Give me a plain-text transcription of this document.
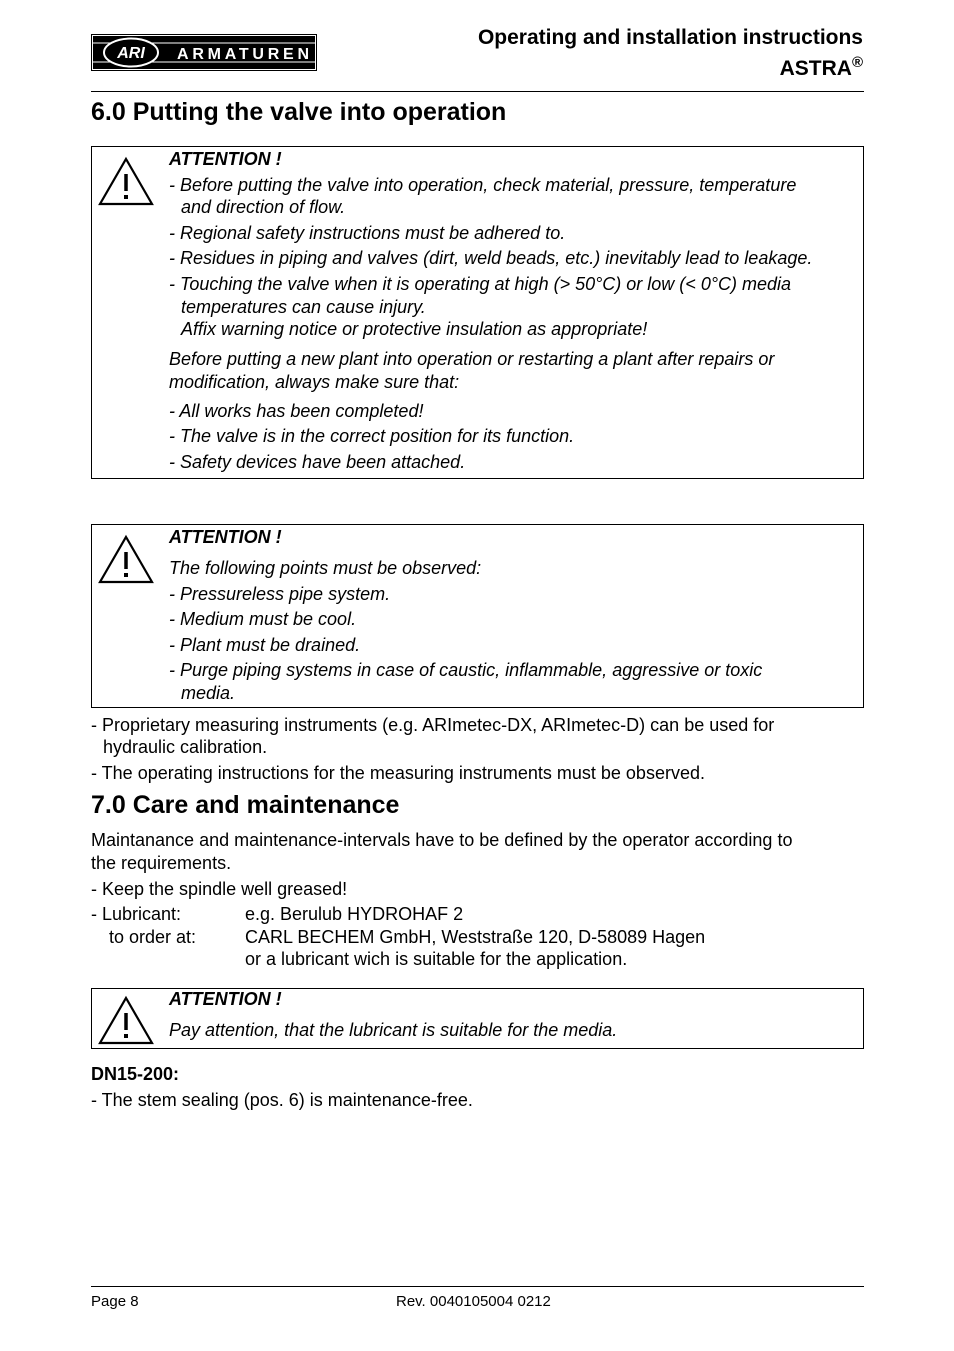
ARI ARMATUREN
Operating and installation instructions
ASTRA®
6.0 Putting the valve into operation
ATTENTION !
- Before putting the valve into operation, check material, pressure, temperature
and direction of flow.
- Regional safety instructions must be adhered to.
- Residues in piping and valves (dirt, weld beads, etc.) inevitably lead to leakage.
- Touching the valve when it is operating at high (> 50°C) or low (< 0°C) media
temperatures can cause injury.
Affix warning notice or protective insulation as appropriate!
Before putting a new plant into operation or restarting a plant after repairs or
modification, always make sure that:
- All works has been completed!
- The valve is in the correct position for its function.
- Safety devices have been attached.
ATTENTION !
The following points must be observed:
- Pressureless pipe system.
- Medium must be cool.
- Plant must be drained.
- Purge piping systems in case of caustic, inflammable, aggressive or toxic
media.
- Proprietary measuring instruments (e.g. ARImetec-DX, ARImetec-D) can be used for
hydraulic calibration.
- The operating instructions for the measuring instruments must be observed.
7.0 Care and maintenance
Maintanance and maintenance-intervals have to be defined by the operator according to
the requirements.
- Keep the spindle well greased!
- Lubricant:	e.g. Berulub HYDROHAF 2
to order at:	CARL BECHEM GmbH, Weststraße 120, D-58089 Hagen
or a lubricant wich is suitable for the application.
ATTENTION !
Pay attention, that the lubricant is suitable for the media.
DN15-200:
- The stem sealing (pos. 6) is maintenance-free.
Page 8	Rev. 0040105004 0212
